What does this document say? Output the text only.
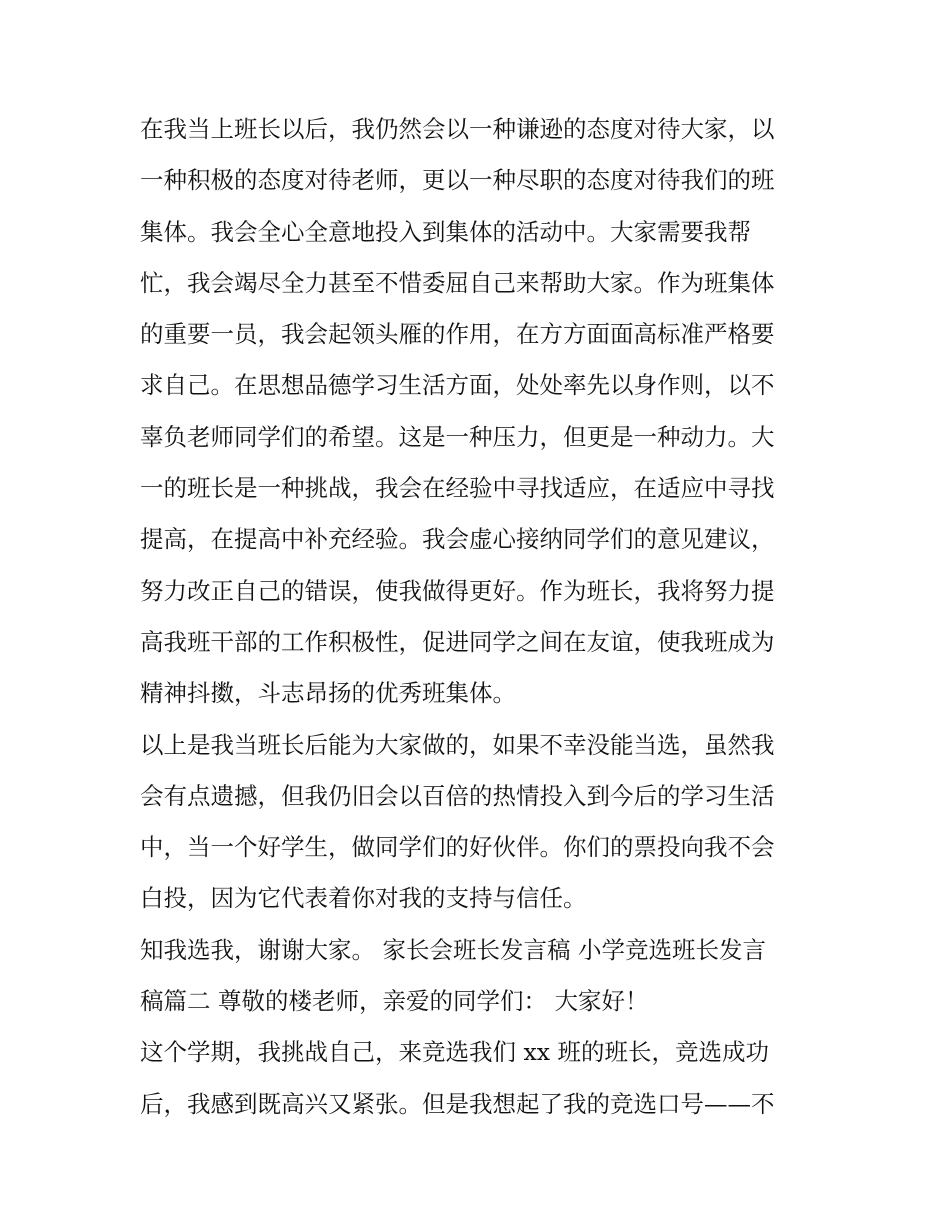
在我当上班长以后，我仍然会以一种谦逊的态度对待大家，以
一种积极的态度对待老师，更以一种尽职的态度对待我们的班
集体。我会全心全意地投入到集体的活动中。大家需要我帮
忙，我会竭尽全力甚至不惜委屈自己来帮助大家。作为班集体
的重要一员，我会起领头雁的作用，在方方面面高标准严格要
求自己。在思想品德学习生活方面，处处率先以身作则，以不
辜负老师同学们的希望。这是一种压力，但更是一种动力。大
一的班长是一种挑战，我会在经验中寻找适应，在适应中寻找
提高，在提高中补充经验。我会虚心接纳同学们的意见建议，
努力改正自己的错误，使我做得更好。作为班长，我将努力提
高我班干部的工作积极性，促进同学之间在友谊，使我班成为
精神抖擞，斗志昂扬的优秀班集体。
以上是我当班长后能为大家做的，如果不幸没能当选，虽然我
会有点遗撼，但我仍旧会以百倍的热情投入到今后的学习生活
中，当一个好学生，做同学们的好伙伴。你们的票投向我不会
白投，因为它代表着你对我的支持与信任。
知我选我，谢谢大家。 家长会班长发言稿 小学竞选班长发言
稿篇二 尊敬的楼老师，亲爱的同学们： 大家好！
这个学期，我挑战自己，来竞选我们 xx 班的班长，竞选成功
后，我感到既高兴又紧张。但是我想起了我的竞选口号——不
